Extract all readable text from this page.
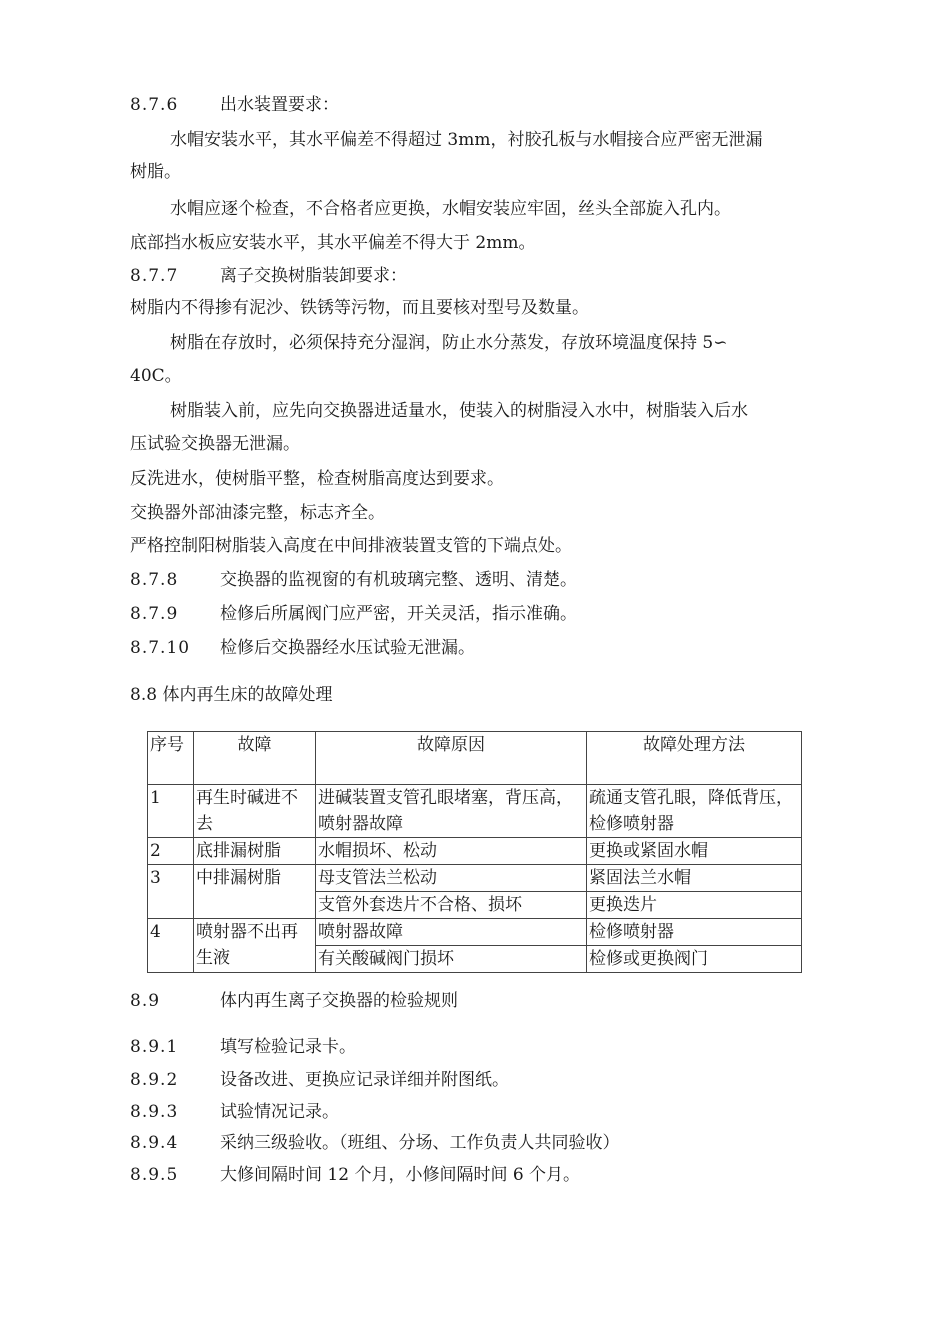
8.7.6 出水装置要求：
水帽安装水平，其水平偏差不得超过 3mm，衬胶孔板与水帽接合应严密无泄漏
树脂。
水帽应逐个检查，不合格者应更换，水帽安装应牢固，丝头全部旋入孔内。
底部挡水板应安装水平，其水平偏差不得大于 2mm。
8.7.7 离子交换树脂装卸要求：
树脂内不得掺有泥沙、铁锈等污物，而且要核对型号及数量。
树脂在存放时，必须保持充分湿润，防止水分蒸发，存放环境温度保持 5∽
40C。
树脂装入前，应先向交换器进适量水，使装入的树脂浸入水中，树脂装入后水
压试验交换器无泄漏。
反洗进水，使树脂平整，检查树脂高度达到要求。
交换器外部油漆完整，标志齐全。
严格控制阳树脂装入高度在中间排液装置支管的下端点处。
8.7.8 交换器的监视窗的有机玻璃完整、透明、清楚。
8.7.9 检修后所属阀门应严密，开关灵活，指示准确。
8.7.10 检修后交换器经水压试验无泄漏。
8.8 体内再生床的故障处理
序号	故障	故障原因	故障处理方法
1	再生时碱进不去	进碱装置支管孔眼堵塞，背压高，喷射器故障	疏通支管孔眼，降低背压，检修喷射器
2	底排漏树脂	水帽损坏、松动	更换或紧固水帽
3	中排漏树脂	母支管法兰松动	紧固法兰水帽
		支管外套迭片不合格、损坏	更换迭片
4	喷射器不出再生液	喷射器故障	检修喷射器
		有关酸碱阀门损坏	检修或更换阀门
8.9	体内再生离子交换器的检验规则
8.9.1 填写检验记录卡。
8.9.2 设备改进、更换应记录详细并附图纸。
8.9.3 试验情况记录。
8.9.4 采纳三级验收。（班组、分场、工作负责人共同验收）
8.9.5 大修间隔时间 12 个月，小修间隔时间 6 个月。
